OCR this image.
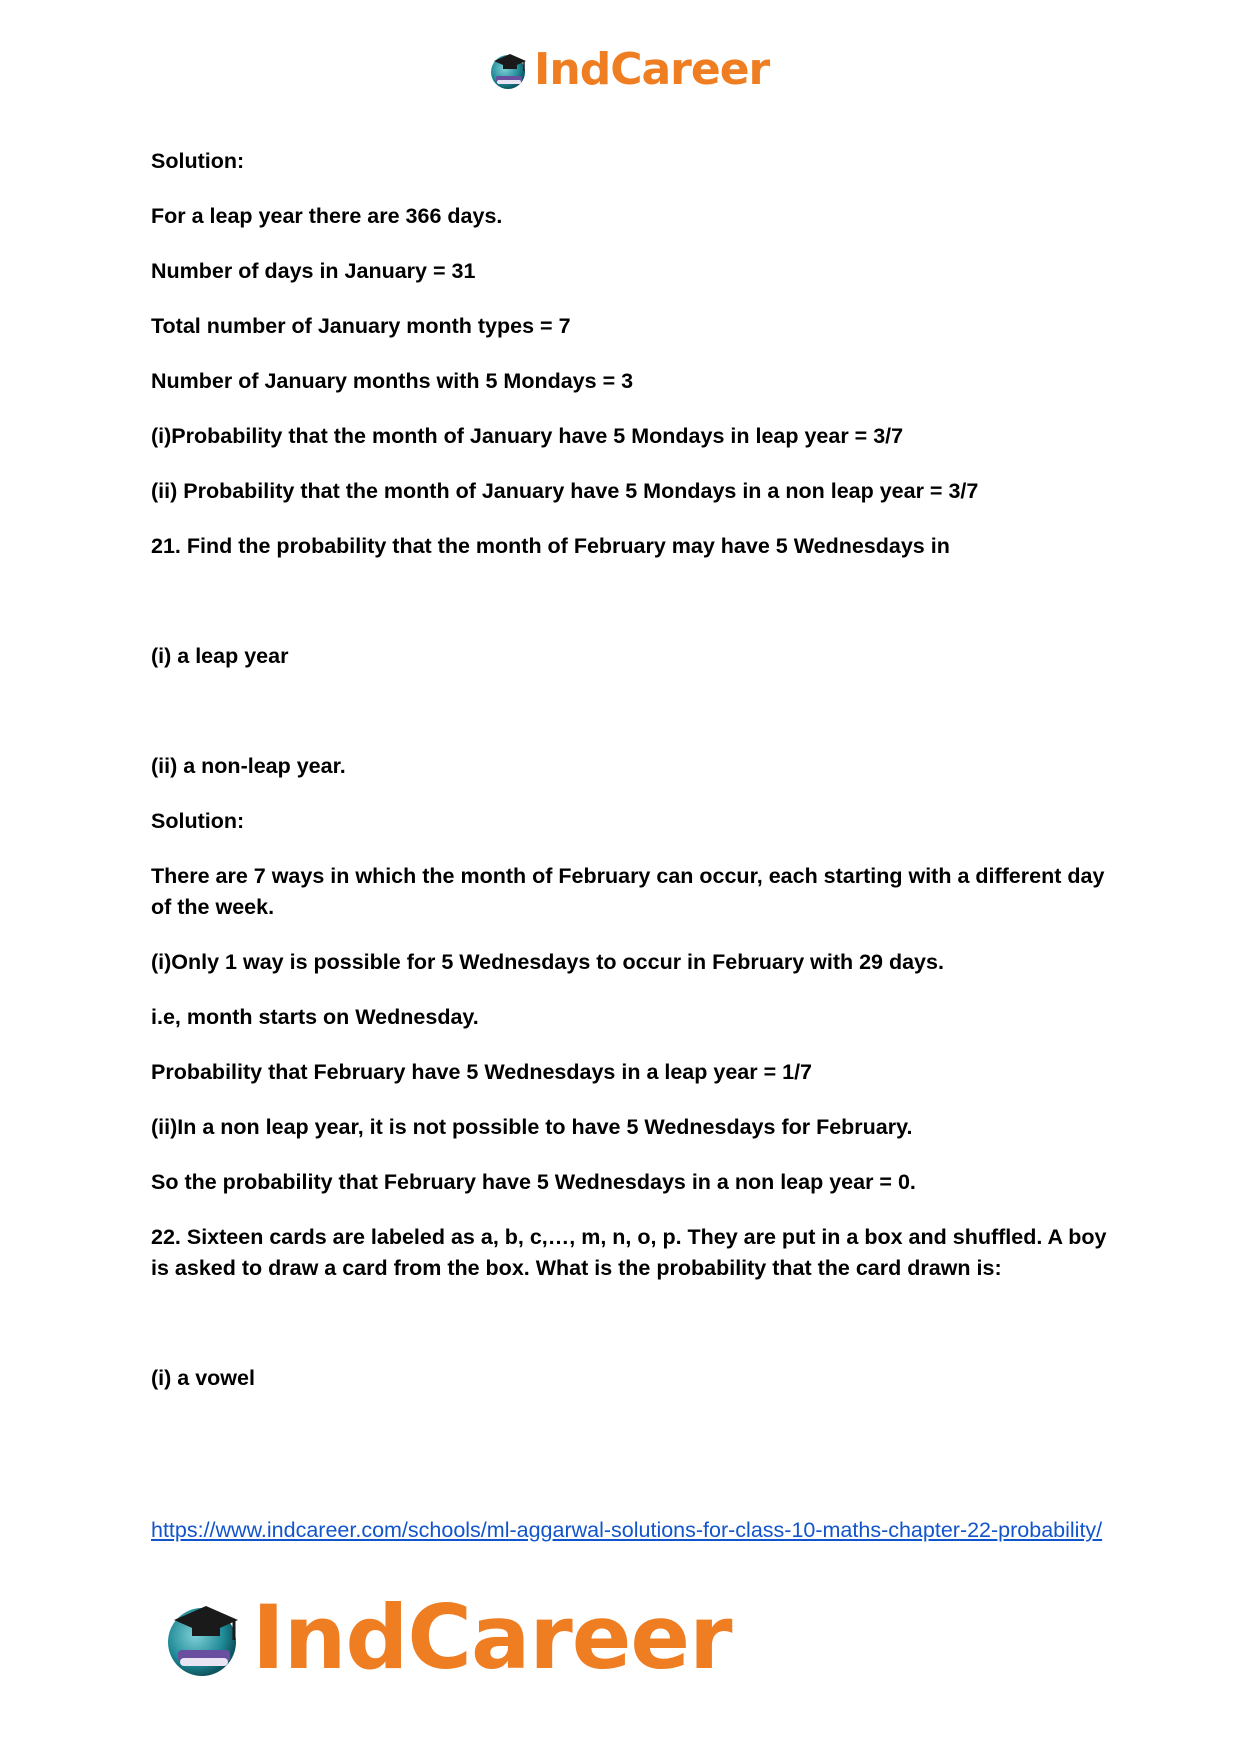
IndCareer

Solution:

For a leap year there are 366 days.

Number of days in January = 31

Total number of January month types = 7

Number of January months with 5 Mondays = 3

(i)Probability that the month of January have 5 Mondays in leap year = 3/7

(ii) Probability that the month of January have 5 Mondays in a non leap year = 3/7

21. Find the probability that the month of February may have 5 Wednesdays in

(i) a leap year

(ii) a non-leap year.

Solution:

There are 7 ways in which the month of February can occur, each starting with a different day of the week.

(i)Only 1 way is possible for 5 Wednesdays to occur in February with 29 days.

i.e, month starts on Wednesday.

Probability that February have 5 Wednesdays in a leap year = 1/7

(ii)In a non leap year, it is not possible to have 5 Wednesdays for February.

So the probability that February have 5 Wednesdays in a non leap year = 0.

22. Sixteen cards are labeled as a, b, c,…, m, n, o, p. They are put in a box and shuffled. A boy is asked to draw a card from the box. What is the probability that the card drawn is:

(i) a vowel

https://www.indcareer.com/schools/ml-aggarwal-solutions-for-class-10-maths-chapter-22-probability/
IndCareer
